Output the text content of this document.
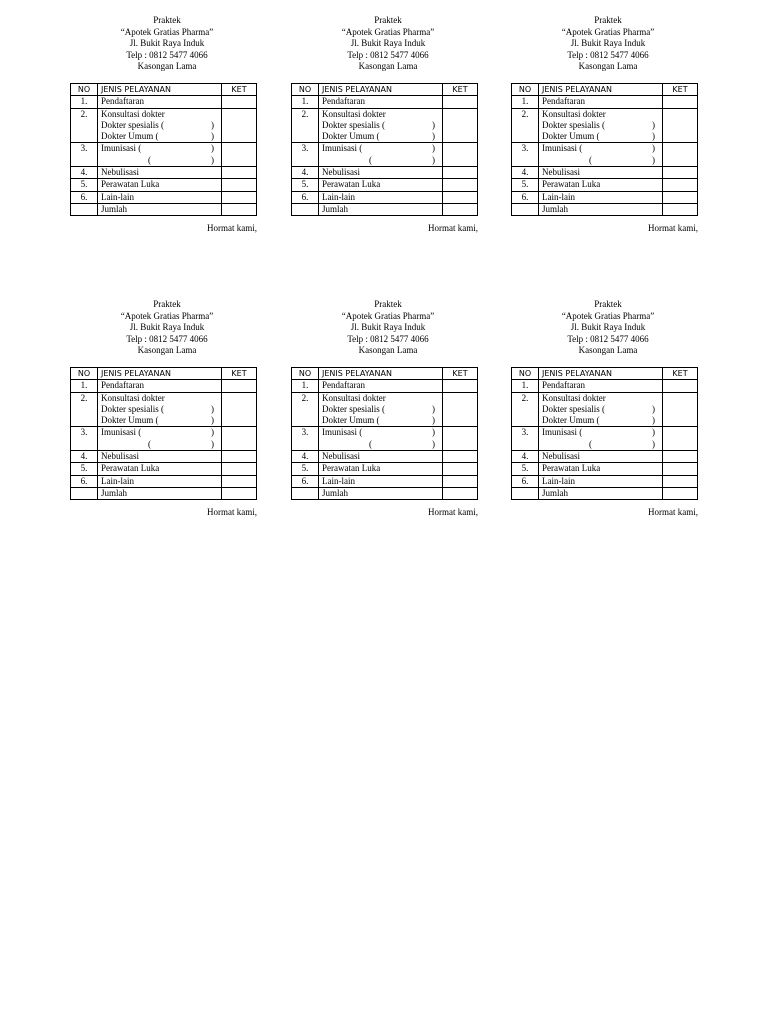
Praktek
“Apotek Gratias Pharma”
Jl. Bukit Raya Induk
Telp : 0812 5477 4066
Kasongan Lama
NO	JENIS PELAYANAN	KET
1.	Pendaftaran	
2.	Konsultasi dokter
Dokter spesialis ( )
Dokter Umum ( )	

3.	Imunisasi ( )
( )	

4.	Nebulisasi	
5.	Perawatan Luka	
6.	Lain-lain	
	Jumlah	
Hormat kami,
Praktek
“Apotek Gratias Pharma”
Jl. Bukit Raya Induk
Telp : 0812 5477 4066
Kasongan Lama
NO	JENIS PELAYANAN	KET
1.	Pendaftaran	
2.	Konsultasi dokter
Dokter spesialis ( )
Dokter Umum ( )	

3.	Imunisasi ( )
( )	

4.	Nebulisasi	
5.	Perawatan Luka	
6.	Lain-lain	
	Jumlah	
Hormat kami,
Praktek
“Apotek Gratias Pharma”
Jl. Bukit Raya Induk
Telp : 0812 5477 4066
Kasongan Lama
NO	JENIS PELAYANAN	KET
1.	Pendaftaran	
2.	Konsultasi dokter
Dokter spesialis ( )
Dokter Umum ( )	

3.	Imunisasi ( )
( )	

4.	Nebulisasi	
5.	Perawatan Luka	
6.	Lain-lain	
	Jumlah	
Hormat kami,
Praktek
“Apotek Gratias Pharma”
Jl. Bukit Raya Induk
Telp : 0812 5477 4066
Kasongan Lama
NO	JENIS PELAYANAN	KET
1.	Pendaftaran	
2.	Konsultasi dokter
Dokter spesialis ( )
Dokter Umum ( )	

3.	Imunisasi ( )
( )	

4.	Nebulisasi	
5.	Perawatan Luka	
6.	Lain-lain	
	Jumlah	
Hormat kami,
Praktek
“Apotek Gratias Pharma”
Jl. Bukit Raya Induk
Telp : 0812 5477 4066
Kasongan Lama
NO	JENIS PELAYANAN	KET
1.	Pendaftaran	
2.	Konsultasi dokter
Dokter spesialis ( )
Dokter Umum ( )	

3.	Imunisasi ( )
( )	

4.	Nebulisasi	
5.	Perawatan Luka	
6.	Lain-lain	
	Jumlah	
Hormat kami,
Praktek
“Apotek Gratias Pharma”
Jl. Bukit Raya Induk
Telp : 0812 5477 4066
Kasongan Lama
NO	JENIS PELAYANAN	KET
1.	Pendaftaran	
2.	Konsultasi dokter
Dokter spesialis ( )
Dokter Umum ( )	

3.	Imunisasi ( )
( )	

4.	Nebulisasi	
5.	Perawatan Luka	
6.	Lain-lain	
	Jumlah	
Hormat kami,
